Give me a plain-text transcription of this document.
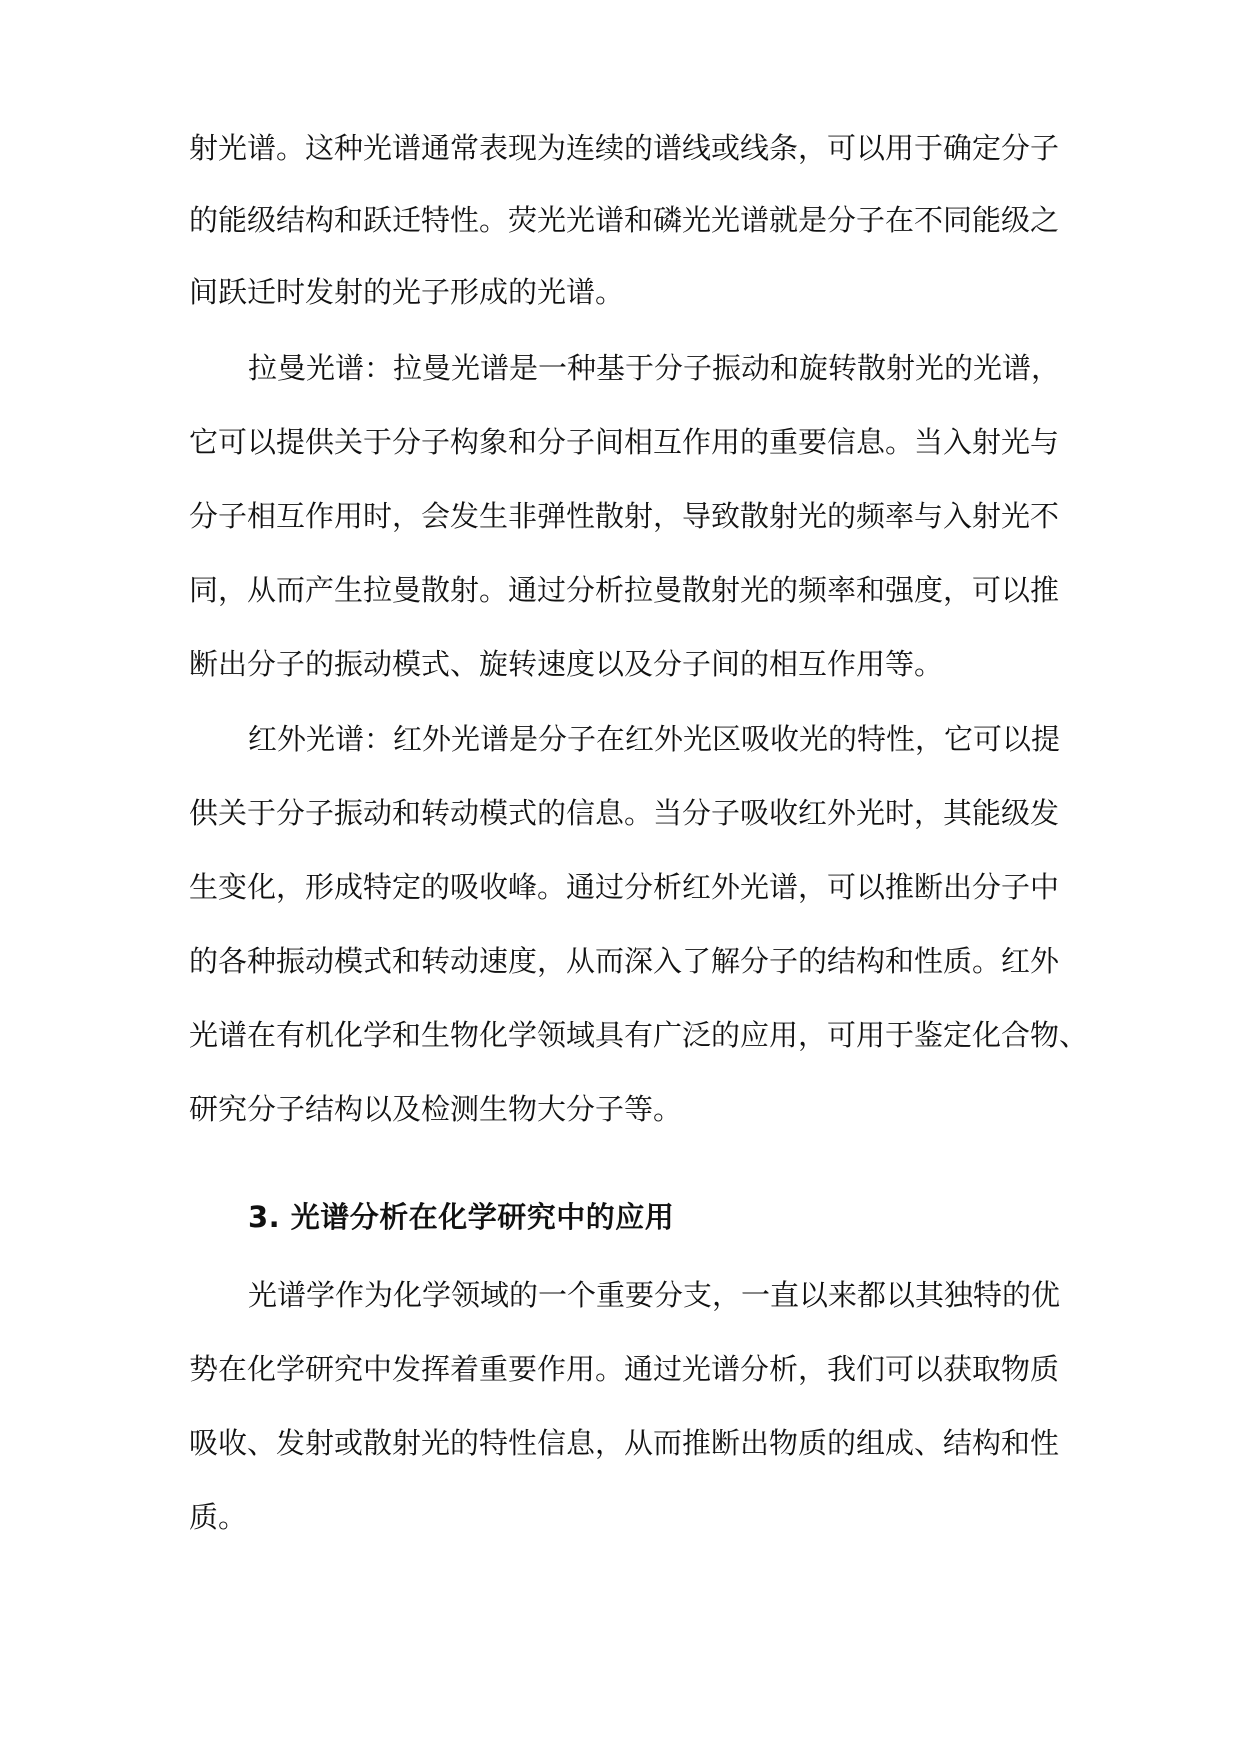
射光谱。这种光谱通常表现为连续的谱线或线条，可以用于确定分子
的能级结构和跃迁特性。荧光光谱和磷光光谱就是分子在不同能级之
间跃迁时发射的光子形成的光谱。
拉曼光谱：拉曼光谱是一种基于分子振动和旋转散射光的光谱，
它可以提供关于分子构象和分子间相互作用的重要信息。当入射光与
分子相互作用时，会发生非弹性散射，导致散射光的频率与入射光不
同，从而产生拉曼散射。通过分析拉曼散射光的频率和强度，可以推
断出分子的振动模式、旋转速度以及分子间的相互作用等。
红外光谱：红外光谱是分子在红外光区吸收光的特性，它可以提
供关于分子振动和转动模式的信息。当分子吸收红外光时，其能级发
生变化，形成特定的吸收峰。通过分析红外光谱，可以推断出分子中
的各种振动模式和转动速度，从而深入了解分子的结构和性质。红外
光谱在有机化学和生物化学领域具有广泛的应用，可用于鉴定化合物、
研究分子结构以及检测生物大分子等。
3. 光谱分析在化学研究中的应用
光谱学作为化学领域的一个重要分支，一直以来都以其独特的优
势在化学研究中发挥着重要作用。通过光谱分析，我们可以获取物质
吸收、发射或散射光的特性信息，从而推断出物质的组成、结构和性
质。
